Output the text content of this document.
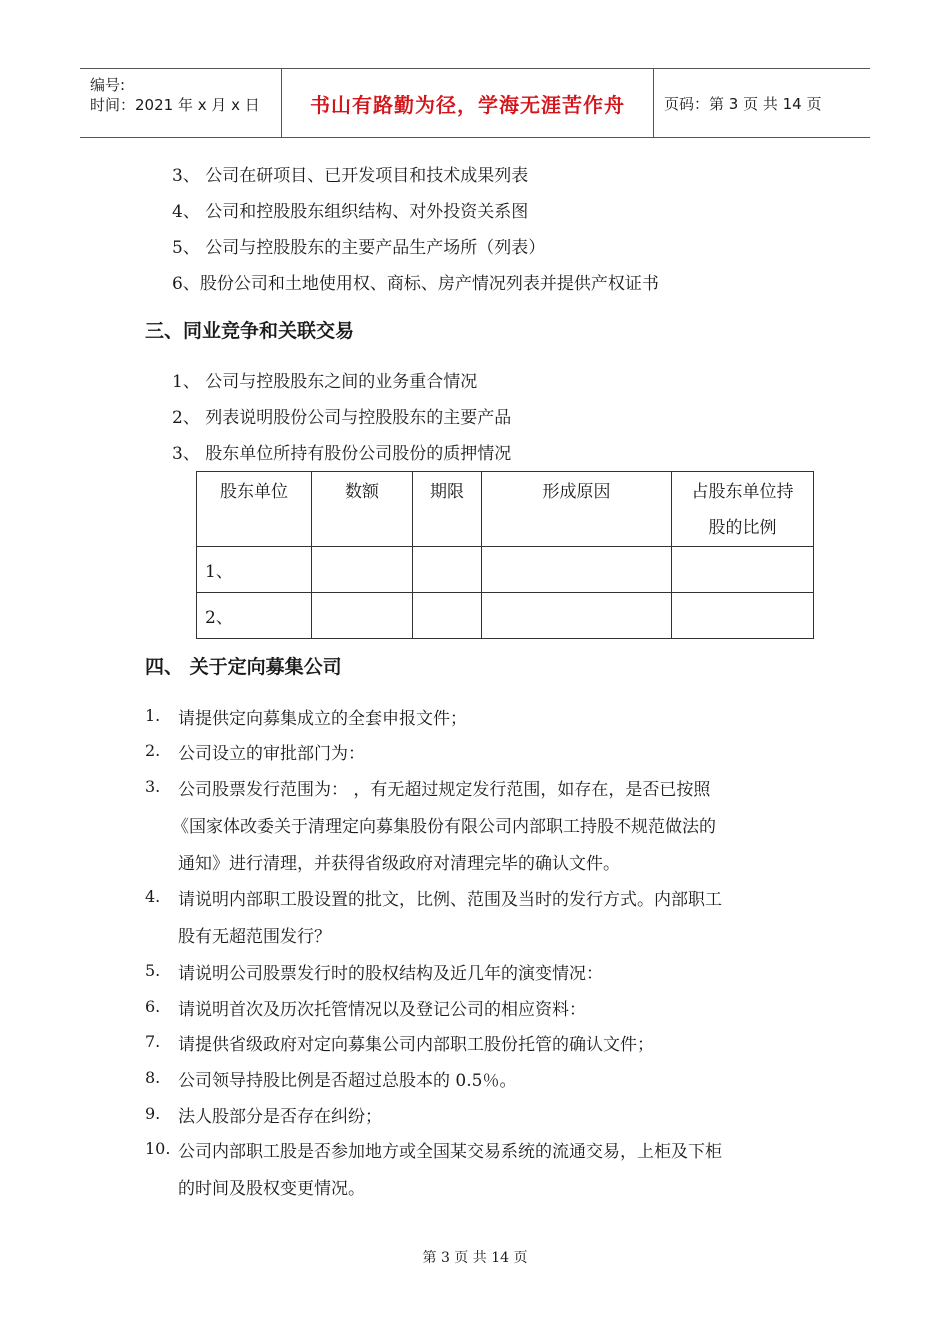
编号:
时间：2021 年 x 月 x 日	书山有路勤为径，学海无涯苦作舟	页码：第 3 页 共 14 页
3、 公司在研项目、已开发项目和技术成果列表
4、 公司和控股股东组织结构、对外投资关系图
5、 公司与控股股东的主要产品生产场所（列表）
6、股份公司和土地使用权、商标、房产情况列表并提供产权证书
三、同业竞争和关联交易
1、 公司与控股股东之间的业务重合情况
2、 列表说明股份公司与控股股东的主要产品
3、 股东单位所持有股份公司股份的质押情况
股东单位	数额	期限	形成原因	占股东单位持
股的比例

1、				
2、				
四、 关于定向募集公司
1. 请提供定向募集成立的全套申报文件；
2. 公司设立的审批部门为：
3. 公司股票发行范围为： ，有无超过规定发行范围，如存在，是否已按照
《国家体改委关于清理定向募集股份有限公司内部职工持股不规范做法的
通知》进行清理，并获得省级政府对清理完毕的确认文件。
4. 请说明内部职工股设置的批文，比例、范围及当时的发行方式。内部职工
股有无超范围发行？
5. 请说明公司股票发行时的股权结构及近几年的演变情况：
6. 请说明首次及历次托管情况以及登记公司的相应资料：
7. 请提供省级政府对定向募集公司内部职工股份托管的确认文件；
8. 公司领导持股比例是否超过总股本的 0.5％。
9. 法人股部分是否存在纠纷；
10. 公司内部职工股是否参加地方或全国某交易系统的流通交易，上柜及下柜
的时间及股权变更情况。
第 3 页 共 14 页
